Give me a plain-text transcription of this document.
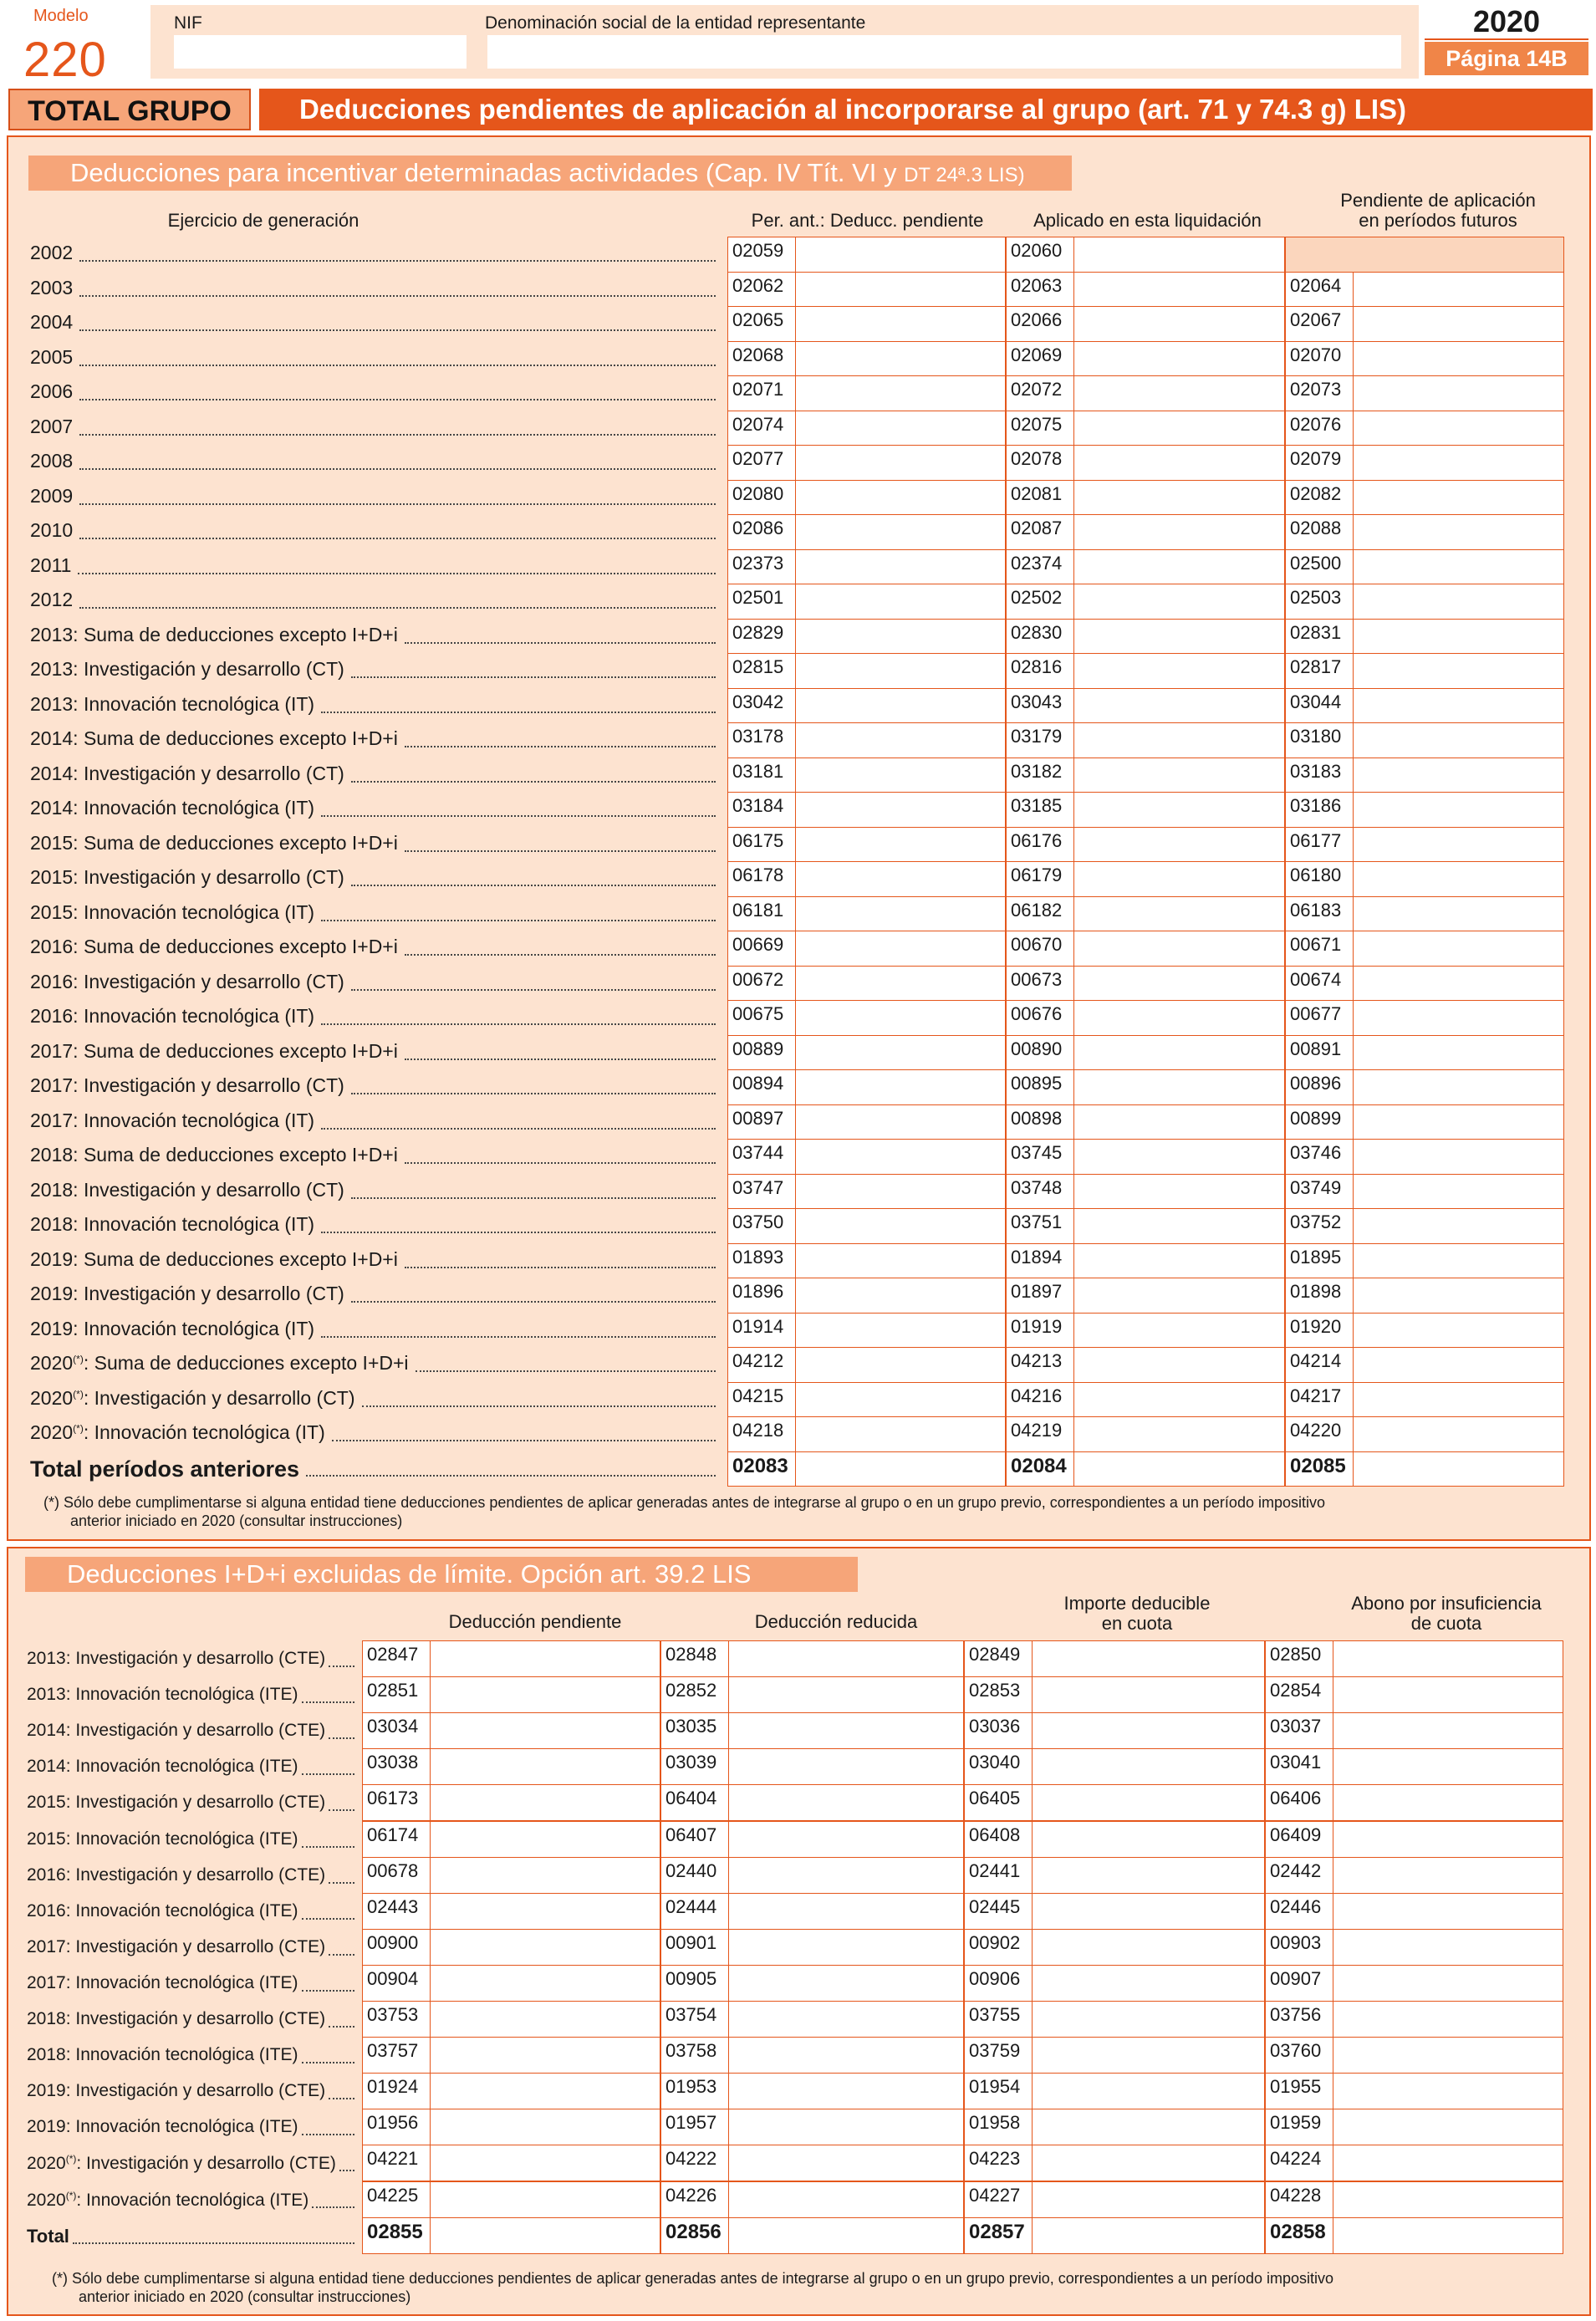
Modelo
220
NIF	Denominación social de la entidad representante	2020
Página 14B
TOTAL GRUPO	Deducciones pendientes de aplicación al incorporarse al grupo (art. 71 y 74.3 g) LIS)
Deducciones para incentivar determinadas actividades (Cap. IV Tít. VI y DT 24ª.3 LIS)
Ejercicio de generación	Per. ant.: Deducc. pendiente	Aplicado en esta liquidación
Pendiente de aplicación
en períodos futuros
2002	02059	02060
2003	02062	02063	02064
2004	02065	02066	02067
2005	02068	02069	02070
2006	02071	02072	02073
2007	02074	02075	02076
2008	02077	02078	02079
2009	02080	02081	02082
2010	02086	02087	02088
2011	02373	02374	02500
2012	02501	02502	02503
2013: Suma de deducciones excepto I+D+i	02829	02830	02831
2013: Investigación y desarrollo (CT)	02815	02816	02817
2013: Innovación tecnológica (IT)	03042	03043	03044
2014: Suma de deducciones excepto I+D+i	03178	03179	03180
2014: Investigación y desarrollo (CT)	03181	03182	03183
2014: Innovación tecnológica (IT)	03184	03185	03186
2015: Suma de deducciones excepto I+D+i	06175	06176	06177
2015: Investigación y desarrollo (CT)	06178	06179	06180
2015: Innovación tecnológica (IT)	06181	06182	06183
2016: Suma de deducciones excepto I+D+i	00669	00670	00671
2016: Investigación y desarrollo (CT)	00672	00673	00674
2016: Innovación tecnológica (IT)	00675	00676	00677
2017: Suma de deducciones excepto I+D+i	00889	00890	00891
2017: Investigación y desarrollo (CT)	00894	00895	00896
2017: Innovación tecnológica (IT)	00897	00898	00899
2018: Suma de deducciones excepto I+D+i	03744	03745	03746
2018: Investigación y desarrollo (CT)	03747	03748	03749
2018: Innovación tecnológica (IT)	03750	03751	03752
2019: Suma de deducciones excepto I+D+i	01893	01894	01895
2019: Investigación y desarrollo (CT)	01896	01897	01898
2019: Innovación tecnológica (IT)	01914	01919	01920
2020(*): Suma de deducciones excepto I+D+i	04212	04213	04214
2020(*): Investigación y desarrollo (CT)	04215	04216	04217
2020(*): Innovación tecnológica (IT)	04218	04219	04220
Total períodos anteriores	02083	02084	02085
(*) Sólo debe cumplimentarse si alguna entidad tiene deducciones pendientes de aplicar generadas antes de integrarse al grupo o en un grupo previo, correspondientes a un período impositivo
anterior iniciado en 2020 (consultar instrucciones)
Deducciones I+D+i excluidas de límite. Opción art. 39.2 LIS
Deducción pendiente	Deducción reducida
Importe deducible
en cuota
Abono por insuficiencia
de cuota
2013: Investigación y desarrollo (CTE) 02847	02848	02849	02850
2013: Innovación tecnológica (ITE)	02851	02852	02853	02854
2014: Investigación y desarrollo (CTE) 03034	03035	03036	03037
2014: Innovación tecnológica (ITE)	03038	03039	03040	03041
2015: Investigación y desarrollo (CTE) 06173	06404	06405	06406
2015: Innovación tecnológica (ITE)	06174	06407	06408	06409
2016: Investigación y desarrollo (CTE) 00678	02440	02441	02442
2016: Innovación tecnológica (ITE)	02443	02444	02445	02446
2017: Investigación y desarrollo (CTE) 00900	00901	00902	00903
2017: Innovación tecnológica (ITE)	00904	00905	00906	00907
2018: Investigación y desarrollo (CTE) 03753	03754	03755	03756
2018: Innovación tecnológica (ITE)	03757	03758	03759	03760
2019: Investigación y desarrollo (CTE) 01924	01953	01954	01955
2019: Innovación tecnológica (ITE)	01956	01957	01958	01959
2020(*): Investigación y desarrollo (CTE) 04221	04222	04223	04224
2020(*): Innovación tecnológica (ITE)	04225	04226	04227	04228
Total	02855	02856	02857	02858
(*) Sólo debe cumplimentarse si alguna entidad tiene deducciones pendientes de aplicar generadas antes de integrarse al grupo o en un grupo previo, correspondientes a un período impositivo
anterior iniciado en 2020 (consultar instrucciones)
